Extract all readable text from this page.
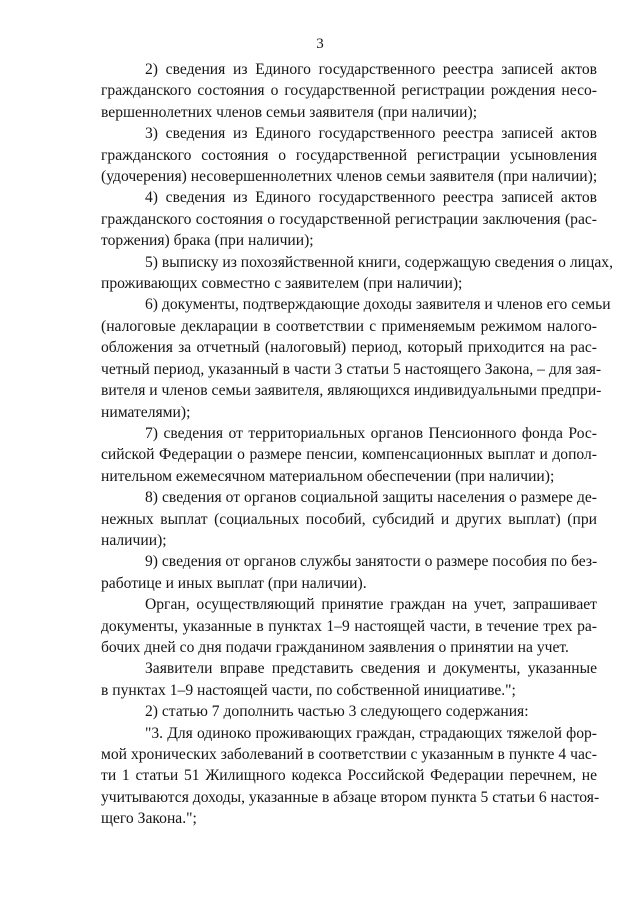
3
2) сведения из Единого государственного реестра записей актов
гражданского состояния о государственной регистрации рождения несо-
вершеннолетних членов семьи заявителя (при наличии);
3) сведения из Единого государственного реестра записей актов
гражданского состояния о государственной регистрации усыновления
(удочерения) несовершеннолетних членов семьи заявителя (при наличии);
4) сведения из Единого государственного реестра записей актов
гражданского состояния о государственной регистрации заключения (рас-
торжения) брака (при наличии);
5) выписку из похозяйственной книги, содержащую сведения о лицах,
проживающих совместно с заявителем (при наличии);
6) документы, подтверждающие доходы заявителя и членов его семьи
(налоговые декларации в соответствии с применяемым режимом налого-
обложения за отчетный (налоговый) период, который приходится на рас-
четный период, указанный в части 3 статьи 5 настоящего Закона, – для зая-
вителя и членов семьи заявителя, являющихся индивидуальными предпри-
нимателями);
7) сведения от территориальных органов Пенсионного фонда Рос-
сийской Федерации о размере пенсии, компенсационных выплат и допол-
нительном ежемесячном материальном обеспечении (при наличии);
8) сведения от органов социальной защиты населения о размере де-
нежных выплат (социальных пособий, субсидий и других выплат) (при
наличии);
9) сведения от органов службы занятости о размере пособия по без-
работице и иных выплат (при наличии).
Орган, осуществляющий принятие граждан на учет, запрашивает
документы, указанные в пунктах 1–9 настоящей части, в течение трех ра-
бочих дней со дня подачи гражданином заявления о принятии на учет.
Заявители вправе представить сведения и документы, указанные
в пунктах 1–9 настоящей части, по собственной инициативе.";
2) статью 7 дополнить частью 3 следующего содержания:
"3. Для одиноко проживающих граждан, страдающих тяжелой фор-
мой хронических заболеваний в соответствии с указанным в пункте 4 час-
ти 1 статьи 51 Жилищного кодекса Российской Федерации перечнем, не
учитываются доходы, указанные в абзаце втором пункта 5 статьи 6 настоя-
щего Закона.";
